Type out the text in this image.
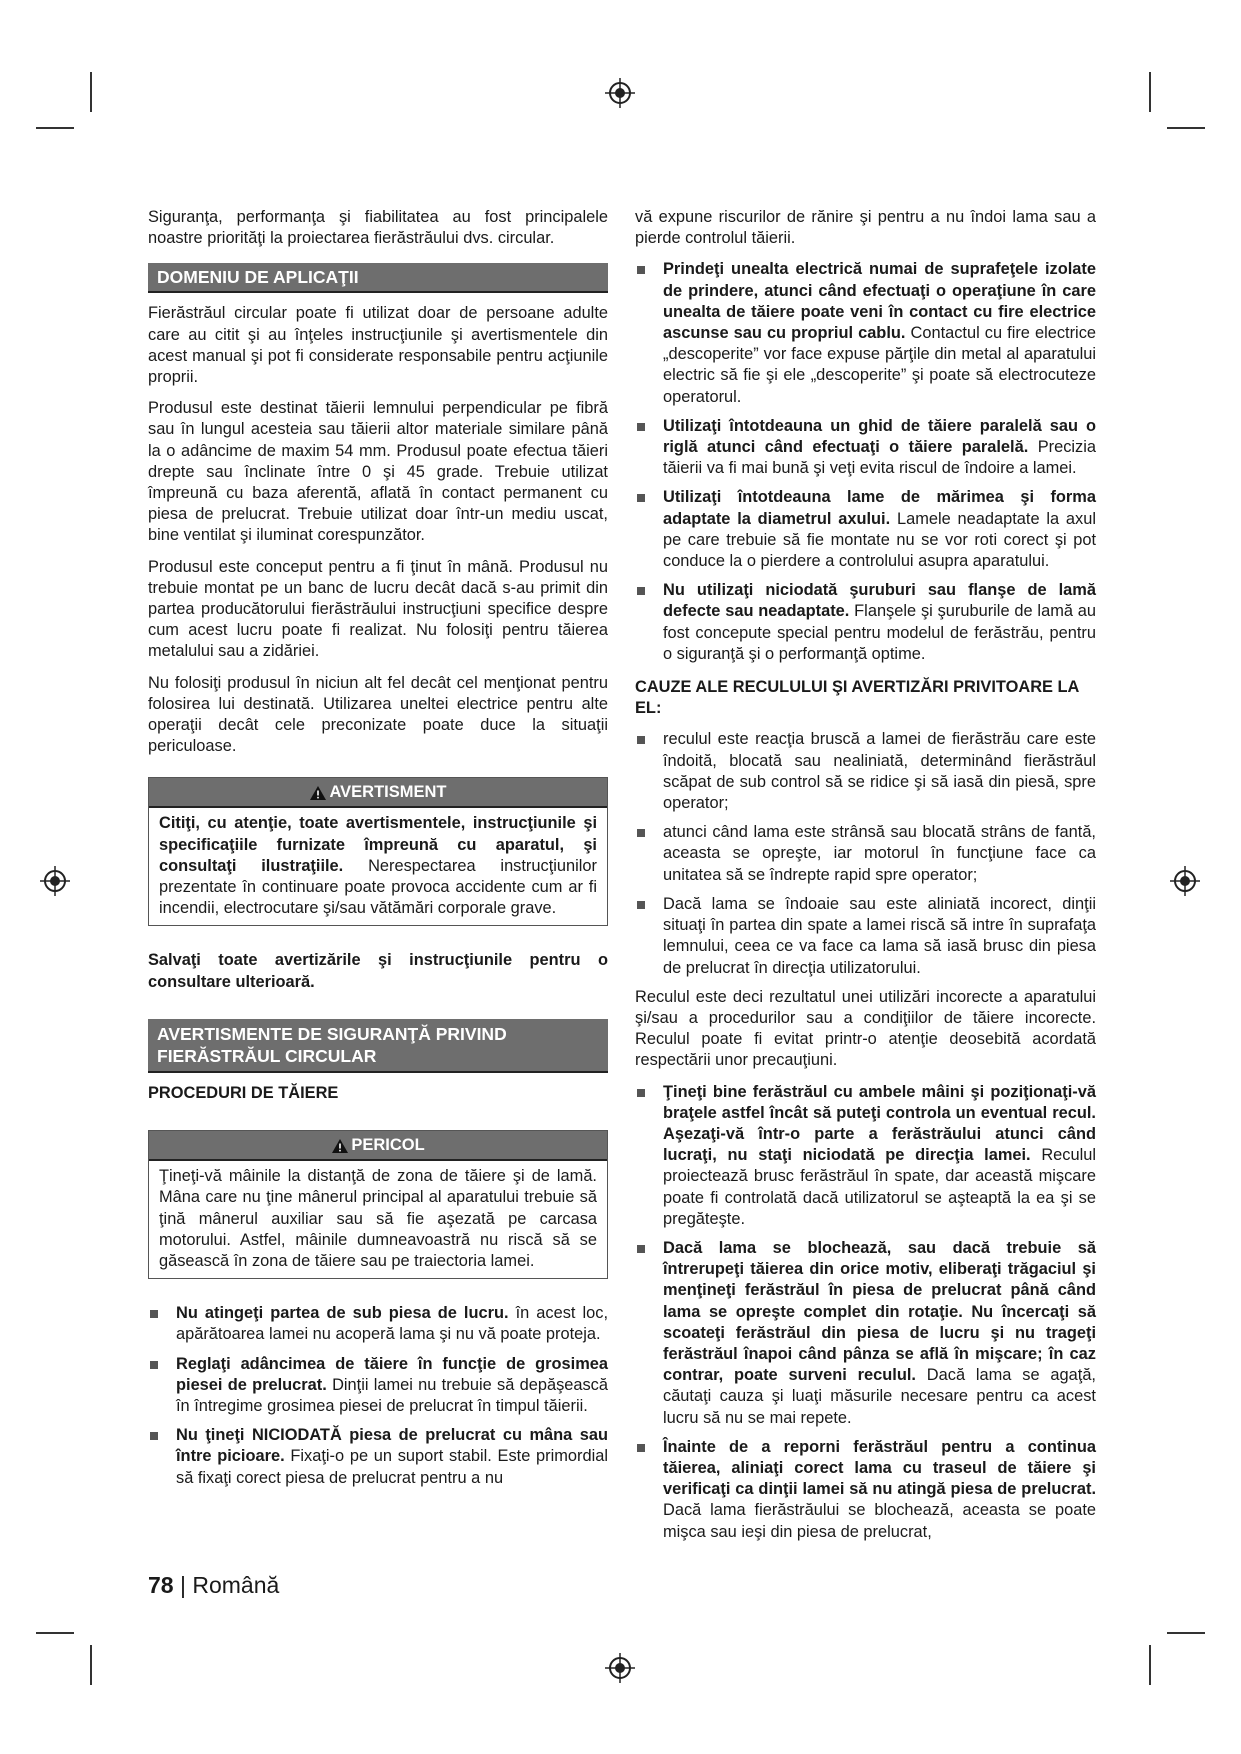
Siguranţa, performanţa şi fiabilitatea au fost principalele noastre priorităţi la proiectarea fierăstrăului dvs. circular.

DOMENIU DE APLICAŢII

Fierăstrăul circular poate fi utilizat doar de persoane adulte care au citit şi au înţeles instrucţiunile şi avertismentele din acest manual şi pot fi considerate responsabile pentru acţiunile proprii.

Produsul este destinat tăierii lemnului perpendicular pe fibră sau în lungul acesteia sau tăierii altor materiale similare până la o adâncime de maxim 54 mm. Produsul poate efectua tăieri drepte sau înclinate între 0 şi 45 grade. Trebuie utilizat împreună cu baza aferentă, aflată în contact permanent cu piesa de prelucrat. Trebuie utilizat doar într-un mediu uscat, bine ventilat şi iluminat corespunzător.

Produsul este conceput pentru a fi ţinut în mână. Produsul nu trebuie montat pe un banc de lucru decât dacă s-au primit din partea producătorului fierăstrăului instrucţiuni specifice despre cum acest lucru poate fi realizat. Nu folosiţi pentru tăierea metalului sau a zidăriei.

Nu folosiţi produsul în niciun alt fel decât cel menţionat pentru folosirea lui destinată. Utilizarea uneltei electrice pentru alte operaţii decât cele preconizate poate duce la situaţii periculoase.

AVERTISMENT

Citiţi, cu atenţie, toate avertismentele, instrucţiunile şi specificaţiile furnizate împreună cu aparatul, şi consultaţi ilustraţiile. Nerespectarea instrucţiunilor prezentate în continuare poate provoca accidente cum ar fi incendii, electrocutare şi/sau vătămări corporale grave.

Salvaţi toate avertizările şi instrucţiunile pentru o consultare ulterioară.

AVERTISMENTE DE SIGURANŢĂ PRIVIND FIERĂSTRĂUL CIRCULAR
PROCEDURI DE TĂIERE
PERICOL

Ţineţi-vă mâinile la distanţă de zona de tăiere şi de lamă. Mâna care nu ţine mânerul principal al aparatului trebuie să ţină mânerul auxiliar sau să fie aşezată pe carcasa motorului. Astfel, mâinile dumneavoastră nu riscă să se găsească în zona de tăiere sau pe traiectoria lamei.

Nu atingeţi partea de sub piesa de lucru. în acest loc, apărătoarea lamei nu acoperă lama şi nu vă poate proteja.
Reglaţi adâncimea de tăiere în funcţie de grosimea piesei de prelucrat. Dinţii lamei nu trebuie să depăşească în întregime grosimea piesei de prelucrat în timpul tăierii.
Nu ţineţi NICIODATĂ piesa de prelucrat cu mâna sau între picioare. Fixaţi-o pe un suport stabil. Este primordial să fixaţi corect piesa de prelucrat pentru a nu

vă expune riscurilor de rănire şi pentru a nu îndoi lama sau a pierde controlul tăierii.

Prindeţi unealta electrică numai de suprafeţele izolate de prindere, atunci când efectuaţi o operaţiune în care unealta de tăiere poate veni în contact cu fire electrice ascunse sau cu propriul cablu. Contactul cu fire electrice „descoperite” vor face expuse părţile din metal al aparatului electric să fie şi ele „descoperite” şi poate să electrocuteze operatorul.
Utilizaţi întotdeauna un ghid de tăiere paralelă sau o riglă atunci când efectuaţi o tăiere paralelă. Precizia tăierii va fi mai bună şi veţi evita riscul de îndoire a lamei.
Utilizaţi întotdeauna lame de mărimea şi forma adaptate la diametrul axului. Lamele neadaptate la axul pe care trebuie să fie montate nu se vor roti corect şi pot conduce la o pierdere a controlului asupra aparatului.
Nu utilizaţi niciodată şuruburi sau flanşe de lamă defecte sau neadaptate. Flanşele şi şuruburile de lamă au fost concepute special pentru modelul de ferăstrău, pentru o siguranţă şi o performanţă optime.
CAUZE ALE RECULULUI ŞI AVERTIZĂRI PRIVITOARE LA EL:
reculul este reacţia bruscă a lamei de fierăstrău care este îndoită, blocată sau nealiniată, determinând fierăstrăul scăpat de sub control să se ridice şi să iasă din piesă, spre operator;
atunci când lama este strânsă sau blocată strâns de fantă, aceasta se opreşte, iar motorul în funcţiune face ca unitatea să se îndrepte rapid spre operator;
Dacă lama se îndoaie sau este aliniată incorect, dinţii situaţi în partea din spate a lamei riscă să intre în suprafaţa lemnului, ceea ce va face ca lama să iasă brusc din piesa de prelucrat în direcţia utilizatorului.

Reculul este deci rezultatul unei utilizări incorecte a aparatului şi/sau a procedurilor sau a condiţiilor de tăiere incorecte. Reculul poate fi evitat printr-o atenţie deosebită acordată respectării unor precauţiuni.

Ţineţi bine ferăstrăul cu ambele mâini şi poziţionaţi-vă braţele astfel încât să puteţi controla un eventual recul. Aşezaţi-vă într-o parte a ferăstrăului atunci când lucraţi, nu staţi niciodată pe direcţia lamei. Reculul proiectează brusc ferăstrăul în spate, dar această mişcare poate fi controlată dacă utilizatorul se aşteaptă la ea şi se pregăteşte.
Dacă lama se blochează, sau dacă trebuie să întrerupeţi tăierea din orice motiv, eliberaţi trăgaciul şi menţineţi ferăstrăul în piesa de prelucrat până când lama se opreşte complet din rotaţie. Nu încercaţi să scoateţi ferăstrăul din piesa de lucru şi nu trageţi ferăstrăul înapoi când pânza se află în mişcare; în caz contrar, poate surveni reculul. Dacă lama se agaţă, căutaţi cauza şi luaţi măsurile necesare pentru ca acest lucru să nu se mai repete.
Înainte de a reporni ferăstrăul pentru a continua tăierea, aliniaţi corect lama cu traseul de tăiere şi verificaţi ca dinţii lamei să nu atingă piesa de prelucrat. Dacă lama fierăstrăului se blochează, aceasta se poate mişca sau ieşi din piesa de prelucrat,
78 | Română
